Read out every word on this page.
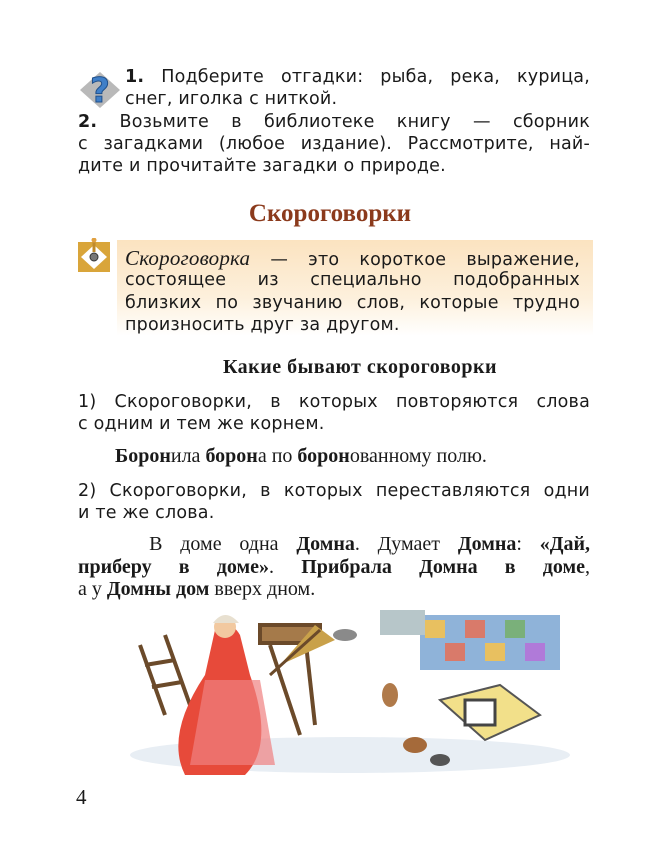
? 1. Подберите отгадки: рыба, река, курица,
снег, иголка с ниткой.
2. Возьмите в библиотеке книгу — сборник
с загадками (любое издание). Рассмотрите, най-
дите и прочитайте загадки о природе.
Скороговорки
Скороговорка — это короткое выражение,
состоящее из специально подобранных
близких по звучанию слов, которые трудно
произносить друг за другом.
Какие бывают скороговорки
1) Скороговорки, в которых повторяются слова
с одним и тем же корнем.
Боронила борона по боронованному полю.
2) Скороговорки, в которых переставляются одни
и те же слова.
В доме одна Домна. Думает Домна: «Дай,
приберу в доме». Прибрала Домна в доме,
а у Домны дом вверх дном.
4
